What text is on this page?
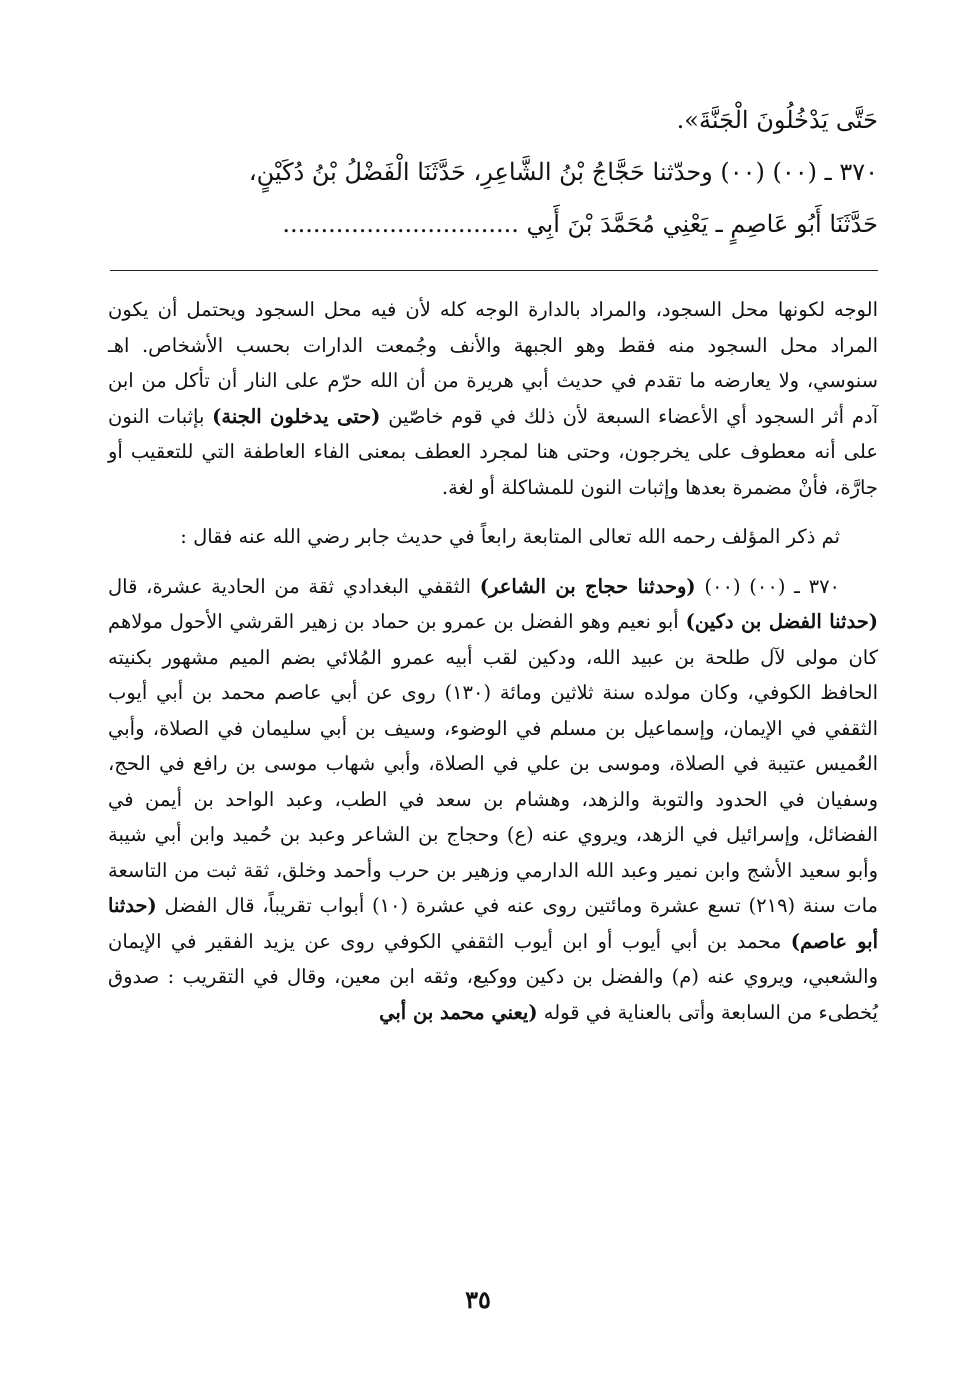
حَتَّى يَدْخُلُونَ الْجَنَّةَ».

٣٧٠ ـ (٠٠) (٠٠) وحدّثنا حَجَّاجُ بْنُ الشَّاعِرِ، حَدَّثَنَا الْفَضْلُ بْنُ دُكَيْنٍ،

حَدَّثَنَا أَبُو عَاصِمٍ ـ يَعْنِي مُحَمَّدَ بْنَ أَبِي ...............................

الوجه لكونها محل السجود، والمراد بالدارة الوجه كله لأن فيه محل السجود ويحتمل أن يكون المراد محل السجود منه فقط وهو الجبهة والأنف وجُمعت الدارات بحسب الأشخاص. اهـ سنوسي، ولا يعارضه ما تقدم في حديث أبي هريرة من أن الله حرّم على النار أن تأكل من ابن آدم أثر السجود أي الأعضاء السبعة لأن ذلك في قوم خاصّين (حتى يدخلون الجنة) بإثبات النون على أنه معطوف على يخرجون، وحتى هنا لمجرد العطف بمعنى الفاء العاطفة التي للتعقيب أو جارَّة، فأنْ مضمرة بعدها وإثبات النون للمشاكلة أو لغة.

ثم ذكر المؤلف رحمه الله تعالى المتابعة رابعاً في حديث جابر رضي الله عنه فقال :

٣٧٠ ـ (٠٠) (٠٠) (وحدثنا حجاج بن الشاعر) الثقفي البغدادي ثقة من الحادية عشرة، قال (حدثنا الفضل بن دكين) أبو نعيم وهو الفضل بن عمرو بن حماد بن زهير القرشي الأحول مولاهم كان مولى لآل طلحة بن عبيد الله، ودكين لقب أبيه عمرو المُلائي بضم الميم مشهور بكنيته الحافظ الكوفي، وكان مولده سنة ثلاثين ومائة (١٣٠) روى عن أبي عاصم محمد بن أبي أيوب الثقفي في الإيمان، وإسماعيل بن مسلم في الوضوء، وسيف بن أبي سليمان في الصلاة، وأبي العُميس عتيبة في الصلاة، وموسى بن علي في الصلاة، وأبي شهاب موسى بن رافع في الحج، وسفيان في الحدود والتوبة والزهد، وهشام بن سعد في الطب، وعبد الواحد بن أيمن في الفضائل، وإسرائيل في الزهد، ويروي عنه (ع) وحجاج بن الشاعر وعبد بن حُميد وابن أبي شيبة وأبو سعيد الأشج وابن نمير وعبد الله الدارمي وزهير بن حرب وأحمد وخلق، ثقة ثبت من التاسعة مات سنة (٢١٩) تسع عشرة ومائتين روى عنه في عشرة (١٠) أبواب تقريباً، قال الفضل (حدثنا أبو عاصم) محمد بن أبي أيوب أو ابن أيوب الثقفي الكوفي روى عن يزيد الفقير في الإيمان والشعبي، ويروي عنه (م) والفضل بن دكين ووكيع، وثقه ابن معين، وقال في التقريب : صدوق يُخطىء من السابعة وأتى بالعناية في قوله (يعني محمد بن أبي

٣٥
